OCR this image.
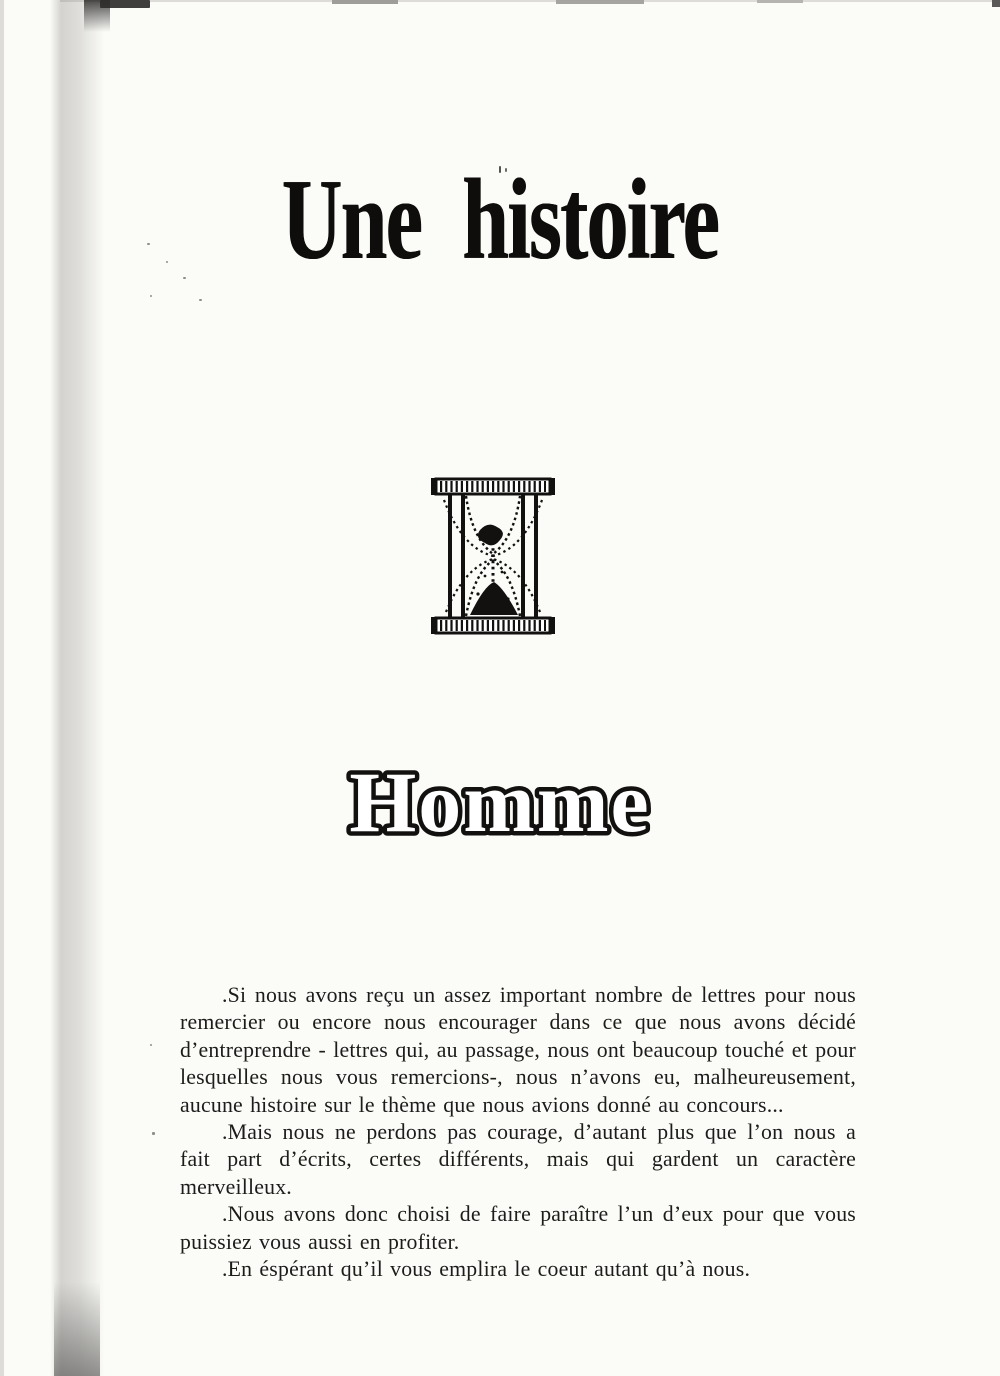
Une histoire
Homme

.Si nous avons reçu un assez important nombre de lettres pour nous remercier ou encore nous encourager dans ce que nous avons décidé d’entreprendre - lettres qui, au passage, nous ont beaucoup touché et pour lesquelles nous vous remercions-, nous n’avons eu, malheureusement, aucune histoire sur le thème que nous avions donné au concours...

.Mais nous ne perdons pas courage, d’autant plus que l’on nous a fait part d’écrits, certes différents, mais qui gardent un caractère merveilleux.

.Nous avons donc choisi de faire paraître l’un d’eux pour que vous puissiez vous aussi en profiter.

.En éspérant qu’il vous emplira le coeur autant qu’à nous.
